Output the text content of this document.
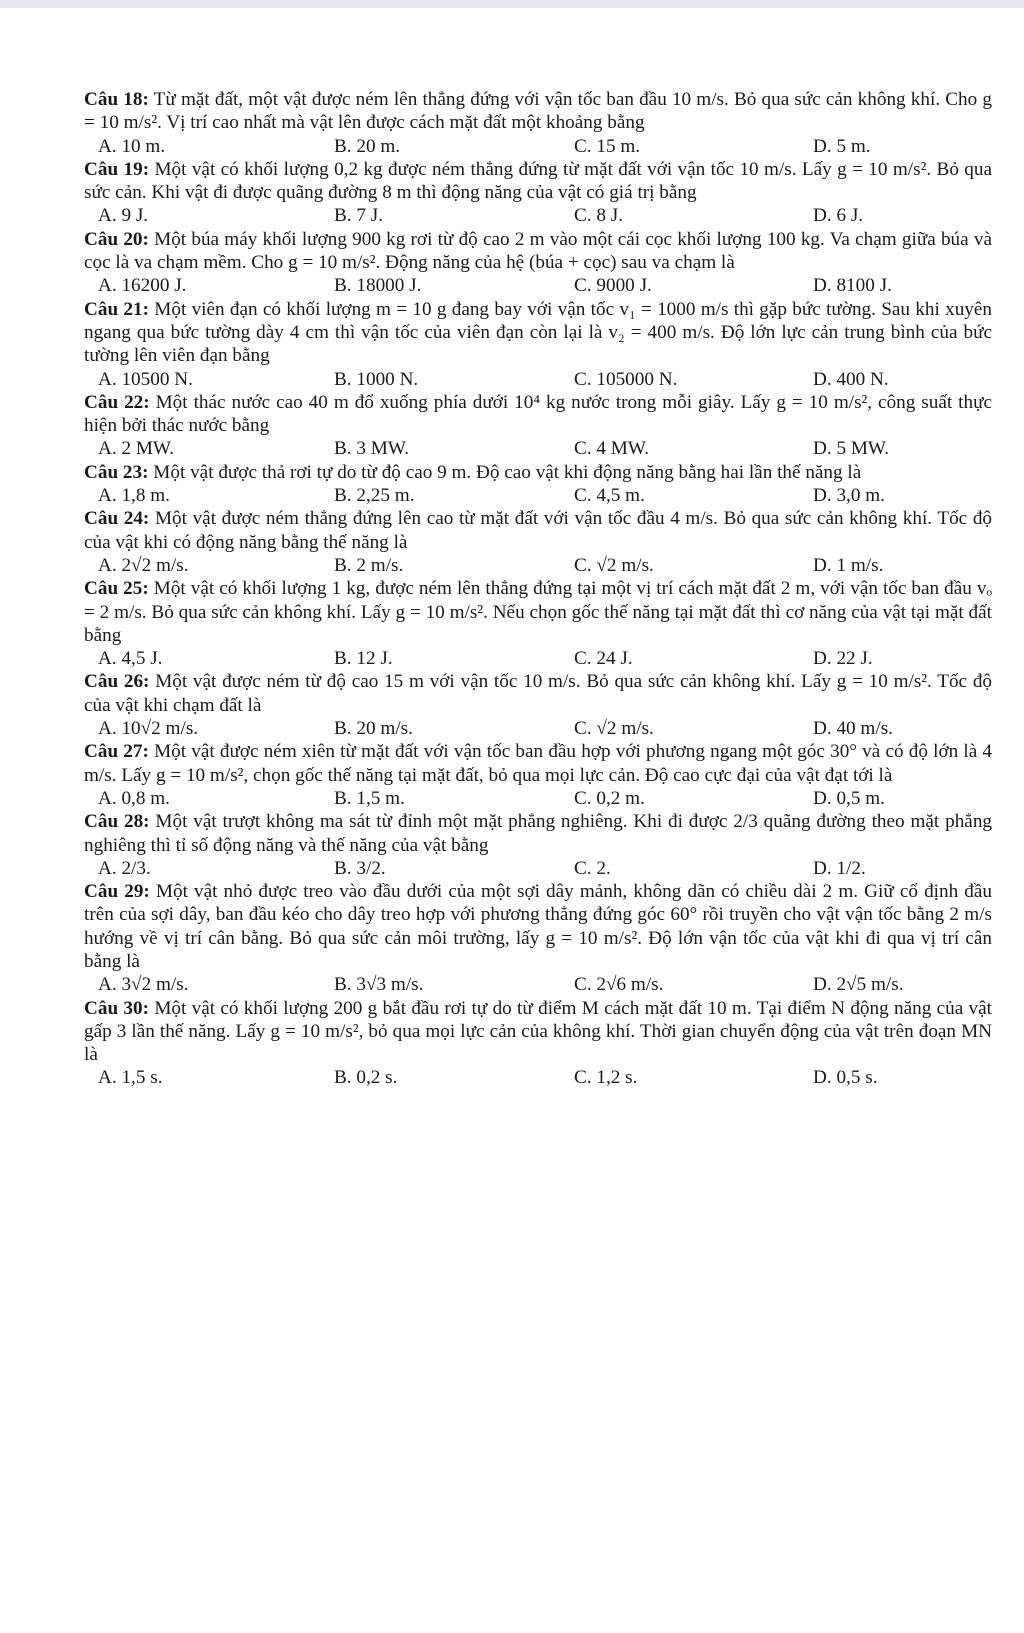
Câu 18: Từ mặt đất, một vật được ném lên thẳng đứng với vận tốc ban đầu 10 m/s. Bỏ qua sức cản không khí. Cho g = 10 m/s². Vị trí cao nhất mà vật lên được cách mặt đất một khoảng bằng

A. 10 m.	B. 20 m.	C. 15 m.	D. 5 m.

Câu 19: Một vật có khối lượng 0,2 kg được ném thẳng đứng từ mặt đất với vận tốc 10 m/s. Lấy g = 10 m/s². Bỏ qua sức cản. Khi vật đi được quãng đường 8 m thì động năng của vật có giá trị bằng

A. 9 J.	B. 7 J.	C. 8 J.	D. 6 J.

Câu 20: Một búa máy khối lượng 900 kg rơi từ độ cao 2 m vào một cái cọc khối lượng 100 kg. Va chạm giữa búa và cọc là va chạm mềm. Cho g = 10 m/s². Động năng của hệ (búa + cọc) sau va chạm là

A. 16200 J.	B. 18000 J.	C. 9000 J.	D. 8100 J.

Câu 21: Một viên đạn có khối lượng m = 10 g đang bay với vận tốc v₁ = 1000 m/s thì gặp bức tường. Sau khi xuyên ngang qua bức tường dày 4 cm thì vận tốc của viên đạn còn lại là v₂ = 400 m/s. Độ lớn lực cản trung bình của bức tường lên viên đạn bằng

A. 10500 N.	B. 1000 N.	C. 105000 N.	D. 400 N.

Câu 22: Một thác nước cao 40 m đổ xuống phía dưới 10⁴ kg nước trong mỗi giây. Lấy g = 10 m/s², công suất thực hiện bởi thác nước bằng

A. 2 MW.	B. 3 MW.	C. 4 MW.	D. 5 MW.

Câu 23: Một vật được thả rơi tự do từ độ cao 9 m. Độ cao vật khi động năng bằng hai lần thế năng là

A. 1,8 m.	B. 2,25 m.	C. 4,5 m.	D. 3,0 m.

Câu 24: Một vật được ném thẳng đứng lên cao từ mặt đất với vận tốc đầu 4 m/s. Bỏ qua sức cản không khí. Tốc độ của vật khi có động năng bằng thế năng là

A. 2√2 m/s.	B. 2 m/s.	C. √2 m/s.	D. 1 m/s.

Câu 25: Một vật có khối lượng 1 kg, được ném lên thẳng đứng tại một vị trí cách mặt đất 2 m, với vận tốc ban đầu vₒ = 2 m/s. Bỏ qua sức cản không khí. Lấy g = 10 m/s². Nếu chọn gốc thế năng tại mặt đất thì cơ năng của vật tại mặt đất bằng

A. 4,5 J.	B. 12 J.	C. 24 J.	D. 22 J.

Câu 26: Một vật được ném từ độ cao 15 m với vận tốc 10 m/s. Bỏ qua sức cản không khí. Lấy g = 10 m/s². Tốc độ của vật khi chạm đất là

A. 10√2 m/s.	B. 20 m/s.	C. √2 m/s.	D. 40 m/s.

Câu 27: Một vật được ném xiên từ mặt đất với vận tốc ban đầu hợp với phương ngang một góc 30° và có độ lớn là 4 m/s. Lấy g = 10 m/s², chọn gốc thế năng tại mặt đất, bỏ qua mọi lực cản. Độ cao cực đại của vật đạt tới là

A. 0,8 m.	B. 1,5 m.	C. 0,2 m.	D. 0,5 m.

Câu 28: Một vật trượt không ma sát từ đỉnh một mặt phẳng nghiêng. Khi đi được 2/3 quãng đường theo mặt phẳng nghiêng thì tỉ số động năng và thế năng của vật bằng

A. 2/3.	B. 3/2.	C. 2.	D. 1/2.

Câu 29: Một vật nhỏ được treo vào đầu dưới của một sợi dây mảnh, không dãn có chiều dài 2 m. Giữ cố định đầu trên của sợi dây, ban đầu kéo cho dây treo hợp với phương thẳng đứng góc 60° rồi truyền cho vật vận tốc bằng 2 m/s hướng về vị trí cân bằng. Bỏ qua sức cản môi trường, lấy g = 10 m/s². Độ lớn vận tốc của vật khi đi qua vị trí cân bằng là

A. 3√2 m/s.	B. 3√3 m/s.	C. 2√6 m/s.	D. 2√5 m/s.

Câu 30: Một vật có khối lượng 200 g bắt đầu rơi tự do từ điểm M cách mặt đất 10 m. Tại điểm N động năng của vật gấp 3 lần thế năng. Lấy g = 10 m/s², bỏ qua mọi lực cản của không khí. Thời gian chuyển động của vật trên đoạn MN là

A. 1,5 s.	B. 0,2 s.	C. 1,2 s.	D. 0,5 s.
